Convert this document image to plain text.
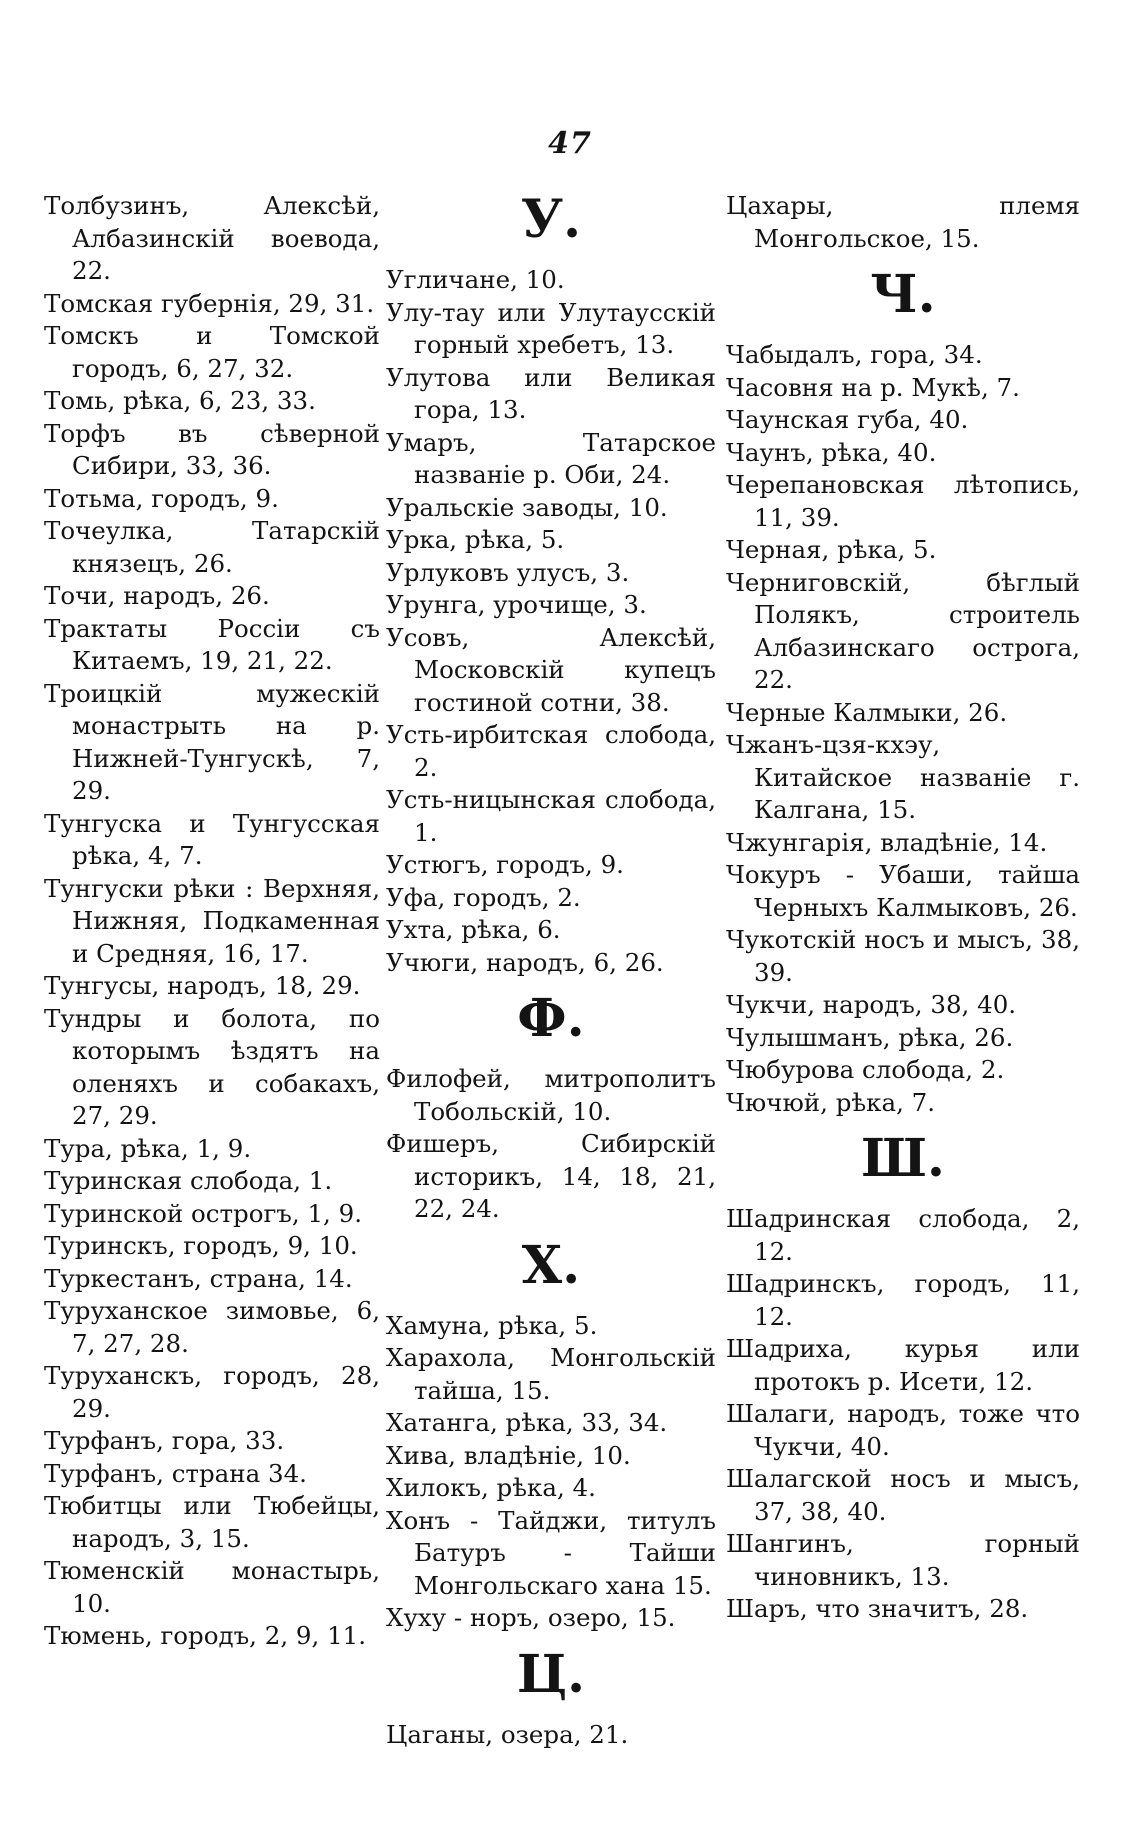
47
Толбузинъ, Алексѣй, Албазинскій воевода, 22.
Томская губернія, 29, 31.
Томскъ и Томской городъ, 6, 27, 32.
Томь, рѣка, 6, 23, 33.
Торфъ въ сѣверной Сибири, 33, 36.
Тотьма, городъ, 9.
Точеулка, Татарскій князецъ, 26.
Точи, народъ, 26.
Трактаты Россіи съ Китаемъ, 19, 21, 22.
Троицкій мужескій монастрыть на р. Нижней-Тунгускѣ, 7, 29.
Тунгуска и Тунгусская рѣка, 4, 7.
Тунгуски рѣки : Верхняя, Нижняя, Подкаменная и Средняя, 16, 17.
Тунгусы, народъ, 18, 29.
Тундры и болота, по которымъ ѣздятъ на оленяхъ и собакахъ, 27, 29.
Тура, рѣка, 1, 9.
Туринская слобода, 1.
Туринской острогъ, 1, 9.
Туринскъ, городъ, 9, 10.
Туркестанъ, страна, 14.
Туруханское зимовье, 6, 7, 27, 28.
Туруханскъ, городъ, 28, 29.
Турфанъ, гора, 33.
Турфанъ, страна 34.
Тюбитцы или Тюбейцы, народъ, 3, 15.
Тюменскій монастырь, 10.
Тюмень, городъ, 2, 9, 11.
У.
Угличане, 10.
Улу-тау или Улутаусскій горный хребетъ, 13.
Улутова или Великая гора, 13.
Умаръ, Татарское названіе р. Оби, 24.
Уральскіе заводы, 10.
Урка, рѣка, 5.
Урлуковъ улусъ, 3.
Урунга, урочище, 3.
Усовъ, Алексѣй, Московскій купецъ гостиной сотни, 38.
Усть-ирбитская слобода, 2.
Усть-ницынская слобода, 1.
Устюгъ, городъ, 9.
Уфа, городъ, 2.
Ухта, рѣка, 6.
Учюги, народъ, 6, 26.
Ф.
Филофей, митрополитъ Тобольскій, 10.
Фишеръ, Сибирскій историкъ, 14, 18, 21, 22, 24.
Х.
Хамуна, рѣка, 5.
Харахола, Монгольскій тайша, 15.
Хатанга, рѣка, 33, 34.
Хива, владѣніе, 10.
Хилокъ, рѣка, 4.
Хонъ - Тайджи, титулъ Батуръ - Тайши Монгольскаго хана 15.
Хуху - норъ, озеро, 15.
Ц.
Цаганы, озера, 21.
Цахары, племя Монгольское, 15.
Ч.
Чабыдалъ, гора, 34.
Часовня на р. Мукѣ, 7.
Чаунская губа, 40.
Чаунъ, рѣка, 40.
Черепановская лѣтопись, 11, 39.
Черная, рѣка, 5.
Черниговскій, бѣглый Полякъ, строитель Албазинскаго острога, 22.
Черные Калмыки, 26.
Чжанъ-цзя-кхэу, Китайское названіе г. Калгана, 15.
Чжунгарія, владѣніе, 14.
Чокуръ - Убаши, тайша Черныхъ Калмыковъ, 26.
Чукотскій носъ и мысъ, 38, 39.
Чукчи, народъ, 38, 40.
Чулышманъ, рѣка, 26.
Чюбурова слобода, 2.
Чючюй, рѣка, 7.
Ш.
Шадринская слобода, 2, 12.
Шадринскъ, городъ, 11, 12.
Шадриха, курья или протокъ р. Исети, 12.
Шалаги, народъ, тоже что Чукчи, 40.
Шалагской носъ и мысъ, 37, 38, 40.
Шангинъ, горный чиновникъ, 13.
Шаръ, что значитъ, 28.
